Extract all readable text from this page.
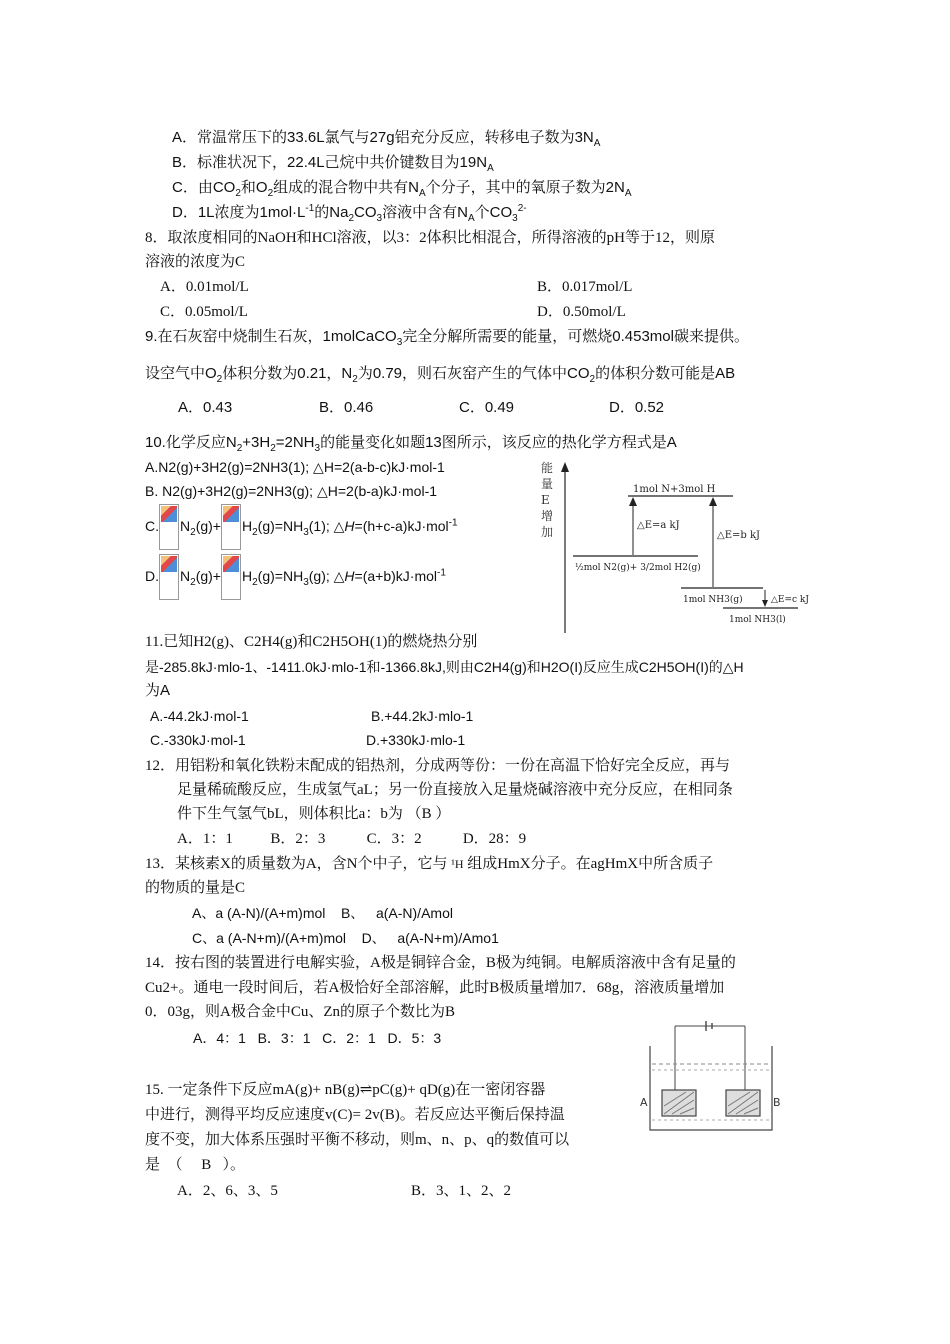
A．常温常压下的33.6L氯气与27g铝充分反应，转移电子数为$3N_A$
B．标准状况下，22.4L己烷中共价键数目为$19N_A$
C．由$CO_2$和$O_2$组成的混合物中共有$N_A$个分子，其中的氧原子数为$2N_A$
D．1L浓度为$1mol\cdot L^{-1}$的$Na_2CO_3$溶液中含有$N_A$个$CO_3^{2-}$
8．取浓度相同的NaOH和HCl溶液，以3：2体积比相混合，所得溶液的pH等于12，则原
溶液的浓度为C
A．0.01mol/L	B．0.017mol/L
C．0.05mol/L	D．0.50mol/L
9.在石灰窑中烧制生石灰，1molCaCO$_3$完全分解所需要的能量，可燃烧0.453mol碳来提供。
设空气中$O_2$体积分数为0.21，$N_2$为0.79，则石灰窑产生的气体中$CO_2$的体积分数可能是AB
A．0.43	B．0.46	C．0.49	D．0.52
10.化学反应$N_2+3H_2=2NH_3$的能量变化如题13图所示，该反应的热化学方程式是A
A.N2(g)+3H2(g)=2NH3(1); △H=2(a-b-c)kJ·mol-1
B. N2(g)+3H2(g)=2NH3(g); △H=2(b-a)kJ·mol-1
C. $N_2(g)+ H_2(g)=NH_3(1)$; △H=(h+c-a)kJ·mol$^{-1}$
D. $N_2(g)+ H_2(g)=NH_3(g)$; △H=(a+b)kJ·mol$^{-1}$
能量 E 增加
1mol N+3mol H
½mol N2(g)+ 3/2mol H2(g)
1mol NH3(g)
1mol NH3(l)
△E=a kJ
△E=b kJ
△E=c kJ
11.已知H2(g)、C2H4(g)和C2H5OH(1)的燃烧热分别
是-285.8kJ·mlo-1、-1411.0kJ·mlo-1和-1366.8kJ,则由C2H4(g)和H2O(I)反应生成C2H5OH(I)的△H
为A
A.-44.2kJ·mol-1	B.+44.2kJ·mlo-1
C.-330kJ·mol-1	D.+330kJ·mlo-1
12．用铝粉和氧化铁粉末配成的铝热剂，分成两等份：一份在高温下恰好完全反应，再与
足量稀硫酸反应，生成氢气aL；另一份直接放入足量烧碱溶液中充分反应，在相同条
件下生气氢气bL，则体积比a：b为 （B ）
A．1：1          B．2：3           C．3：2           D．28：9
13．某核素X的质量数为A，含N个中子，它与 ¹H 组成HmX分子。在agHmX中所含质子
的物质的量是C
A、a (A-N)/(A+m)mol    B、   a(A-N)/Amol
C、a (A-N+m)/(A+m)mol    D、   a(A-N+m)/Amo1
14．按右图的装置进行电解实验，A极是铜锌合金，B极为纯铜。电解质溶液中含有足量的
Cu2+。通电一段时间后，若A极恰好全部溶解，此时B极质量增加7．68g，溶液质量增加
0．03g，则A极合金中Cu、Zn的原子个数比为B
A．4：1   B．3：1   C．2：1   D．5：3
A	B
15. 一定条件下反应mA(g)+ nB(g)⇌pC(g)+ qD(g)在一密闭容器
中进行，测得平均反应速度v(C)= 2v(B)。若反应达平衡后保持温
度不变，加大体系压强时平衡不移动，则m、n、p、q的数值可以
是  （     B   ）。
A．2、6、3、5	B．3、1、2、2
